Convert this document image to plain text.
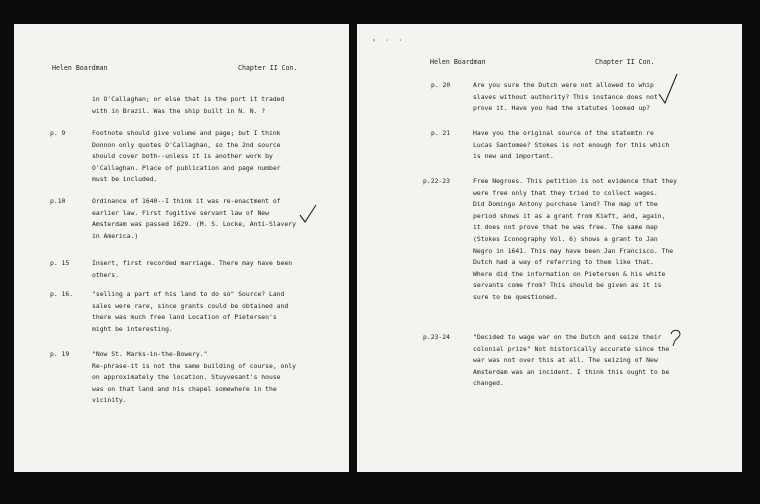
Helen Boardman	Chapter II Con.
in O'Callaghan; or else that is the port it traded
with in Brazil. Was the ship built in N. N. ?
p. 9	Footnote should give volume and page; but I think
Donnon only quotes O'Callaghan, so the 2nd source
should cover both--unless it is another work by
O'Callaghan. Place of publication and page number
must be included.
p.10	Ordinance of 1640--I think it was re-enactment of
earlier law. First fugitive servant law of New
Amsterdam was passed 1629. (M. S. Locke, Anti-Slavery
in America.)
p. 15	Insert, first recorded marriage. There may have been
others.
p. 16.	"selling a part of his land to do so" Source? Land
sales were rare, since grants could be obtained and
there was much free land Location of Pietersen's
might be interesting.
p. 19	"Now St. Marks-in-the-Bowery."
Re-phrase-it is not the same building of course, only
on approximately the location. Stuyvesant's house
was on that land and his chapel somewhere in the
vicinity.
› · ·
Helen Boardman	Chapter II Con.
p. 20	Are you sure the Dutch were not allowed to whip
slaves without authority? This instance does not
prove it. Have you had the statutes looked up?
p. 21	Have you the original source of the statemtn re
Lucas Santomee? Stokes is not enough for this which
is new and important.
p.22-23	Free Negroes. This petition is not evidence that they
were free only that they tried to collect wages.
Did Domingo Antony purchase land? The map of the
period shows it as a grant from Kieft, and, again,
it does not prove that he was free. The same map
(Stokes Iconography Vol. 6) shows a grant to Jan
Negro in 1641. This may have been Jan Francisco. The
Dutch had a way of referring to them like that.
Where did the information on Pietersen & his white
servants come from? This should be given as it is
sure to be questioned.
p.23-24	"Decided to wage war on the Dutch and seize their
colonial prize" Not historically accurate since the
war was not over this at all. The seizing of New
Amsterdam was an incident. I think this ought to be
changed.
